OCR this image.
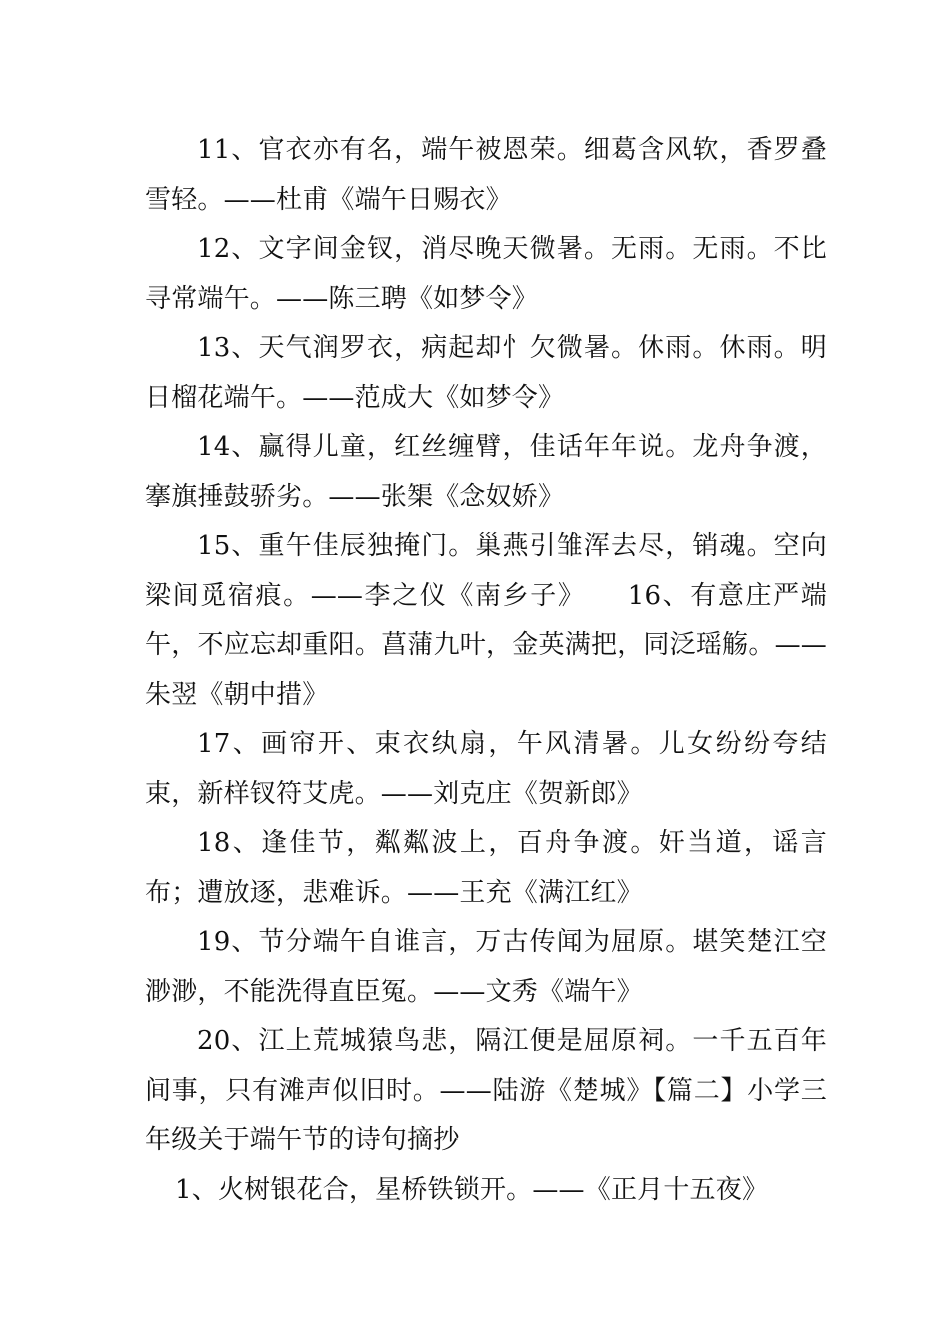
11、官衣亦有名，端午被恩荣。细葛含风软，香罗叠雪轻。——杜甫《端午日赐衣》

12、文字间金钗，消尽晚天微暑。无雨。无雨。不比寻常端午。——陈三聘《如梦令》

13、天气润罗衣，病起却忄欠微暑。休雨。休雨。明日榴花端午。——范成大《如梦令》

14、赢得儿童，红丝缠臂，佳话年年说。龙舟争渡，搴旗捶鼓骄劣。——张榘《念奴娇》

15、重午佳辰独掩门。巢燕引雏浑去尽，销魂。空向梁间觅宿痕。——李之仪《南乡子》　　16、有意庄严端午，不应忘却重阳。菖蒲九叶，金英满把，同泛瑶觞。——朱翌《朝中措》

17、画帘开、束衣纨扇，午风清暑。儿女纷纷夸结束，新样钗符艾虎。——刘克庄《贺新郎》

18、逢佳节，粼粼波上，百舟争渡。奸当道，谣言布；遭放逐，悲难诉。——王充《满江红》

19、节分端午自谁言，万古传闻为屈原。堪笑楚江空渺渺，不能洗得直臣冤。——文秀《端午》

20、江上荒城猿鸟悲，隔江便是屈原祠。一千五百年间事，只有滩声似旧时。——陆游《楚城》【篇二】小学三年级关于端午节的诗句摘抄

1、火树银花合，星桥铁锁开。——《正月十五夜》
